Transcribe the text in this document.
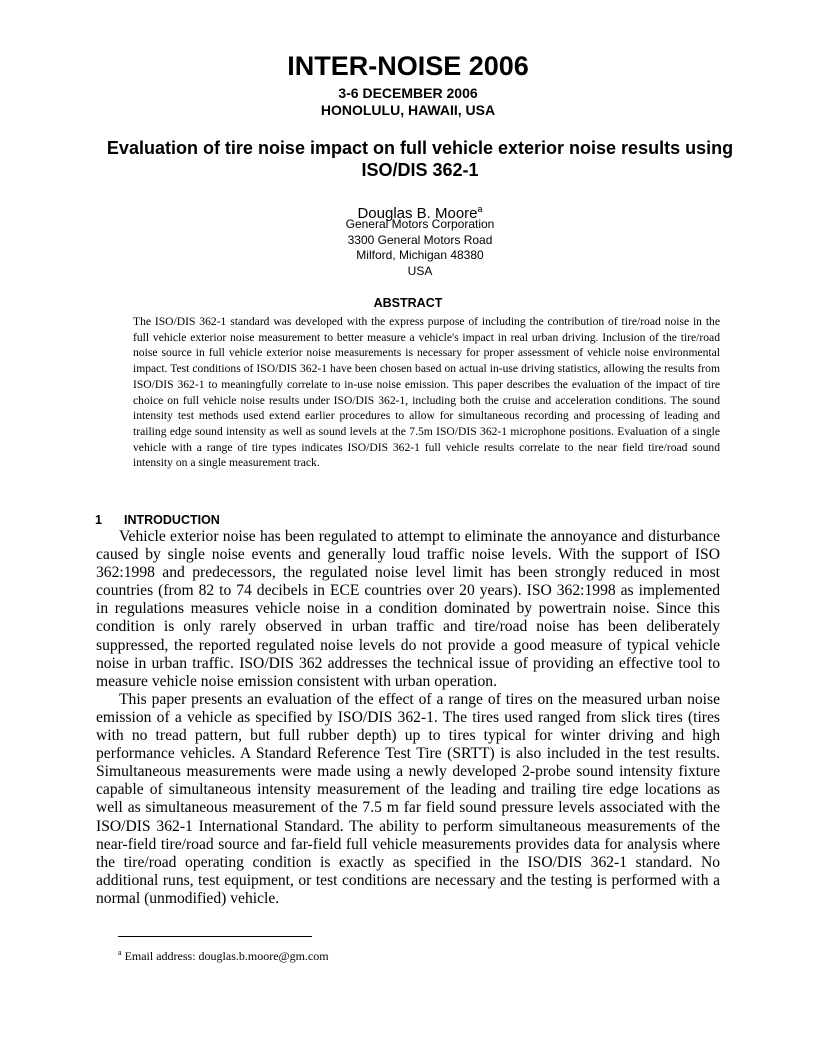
INTER-NOISE 2006
3-6 DECEMBER 2006
HONOLULU, HAWAII, USA
Evaluation of tire noise impact on full vehicle exterior noise results using ISO/DIS 362-1
Douglas B. Moore$^a$
General Motors Corporation
3300 General Motors Road
Milford, Michigan 48380
USA
ABSTRACT
The ISO/DIS 362-1 standard was developed with the express purpose of including the contribution of tire/road noise in the full vehicle exterior noise measurement to better measure a vehicle's impact in real urban driving. Inclusion of the tire/road noise source in full vehicle exterior noise measurements is necessary for proper assessment of vehicle noise environmental impact. Test conditions of ISO/DIS 362-1 have been chosen based on actual in-use driving statistics, allowing the results from ISO/DIS 362-1 to meaningfully correlate to in-use noise emission. This paper describes the evaluation of the impact of tire choice on full vehicle noise results under ISO/DIS 362-1, including both the cruise and acceleration conditions. The sound intensity test methods used extend earlier procedures to allow for simultaneous recording and processing of leading and trailing edge sound intensity as well as sound levels at the 7.5m ISO/DIS 362-1 microphone positions. Evaluation of a single vehicle with a range of tire types indicates ISO/DIS 362-1 full vehicle results correlate to the near field tire/road sound intensity on a single measurement track.
1 INTRODUCTION

Vehicle exterior noise has been regulated to attempt to eliminate the annoyance and disturbance caused by single noise events and generally loud traffic noise levels. With the support of ISO 362:1998 and predecessors, the regulated noise level limit has been strongly reduced in most countries (from 82 to 74 decibels in ECE countries over 20 years). ISO 362:1998 as implemented in regulations measures vehicle noise in a condition dominated by powertrain noise. Since this condition is only rarely observed in urban traffic and tire/road noise has been deliberately suppressed, the reported regulated noise levels do not provide a good measure of typical vehicle noise in urban traffic. ISO/DIS 362 addresses the technical issue of providing an effective tool to measure vehicle noise emission consistent with urban operation.

This paper presents an evaluation of the effect of a range of tires on the measured urban noise emission of a vehicle as specified by ISO/DIS 362-1. The tires used ranged from slick tires (tires with no tread pattern, but full rubber depth) up to tires typical for winter driving and high performance vehicles. A Standard Reference Test Tire (SRTT) is also included in the test results. Simultaneous measurements were made using a newly developed 2-probe sound intensity fixture capable of simultaneous intensity measurement of the leading and trailing tire edge locations as well as simultaneous measurement of the 7.5 m far field sound pressure levels associated with the ISO/DIS 362-1 International Standard. The ability to perform simultaneous measurements of the near-field tire/road source and far-field full vehicle measurements provides data for analysis where the tire/road operating condition is exactly as specified in the ISO/DIS 362-1 standard. No additional runs, test equipment, or test conditions are necessary and the testing is performed with a normal (unmodified) vehicle.

$^a$ Email address: douglas.b.moore@gm.com
